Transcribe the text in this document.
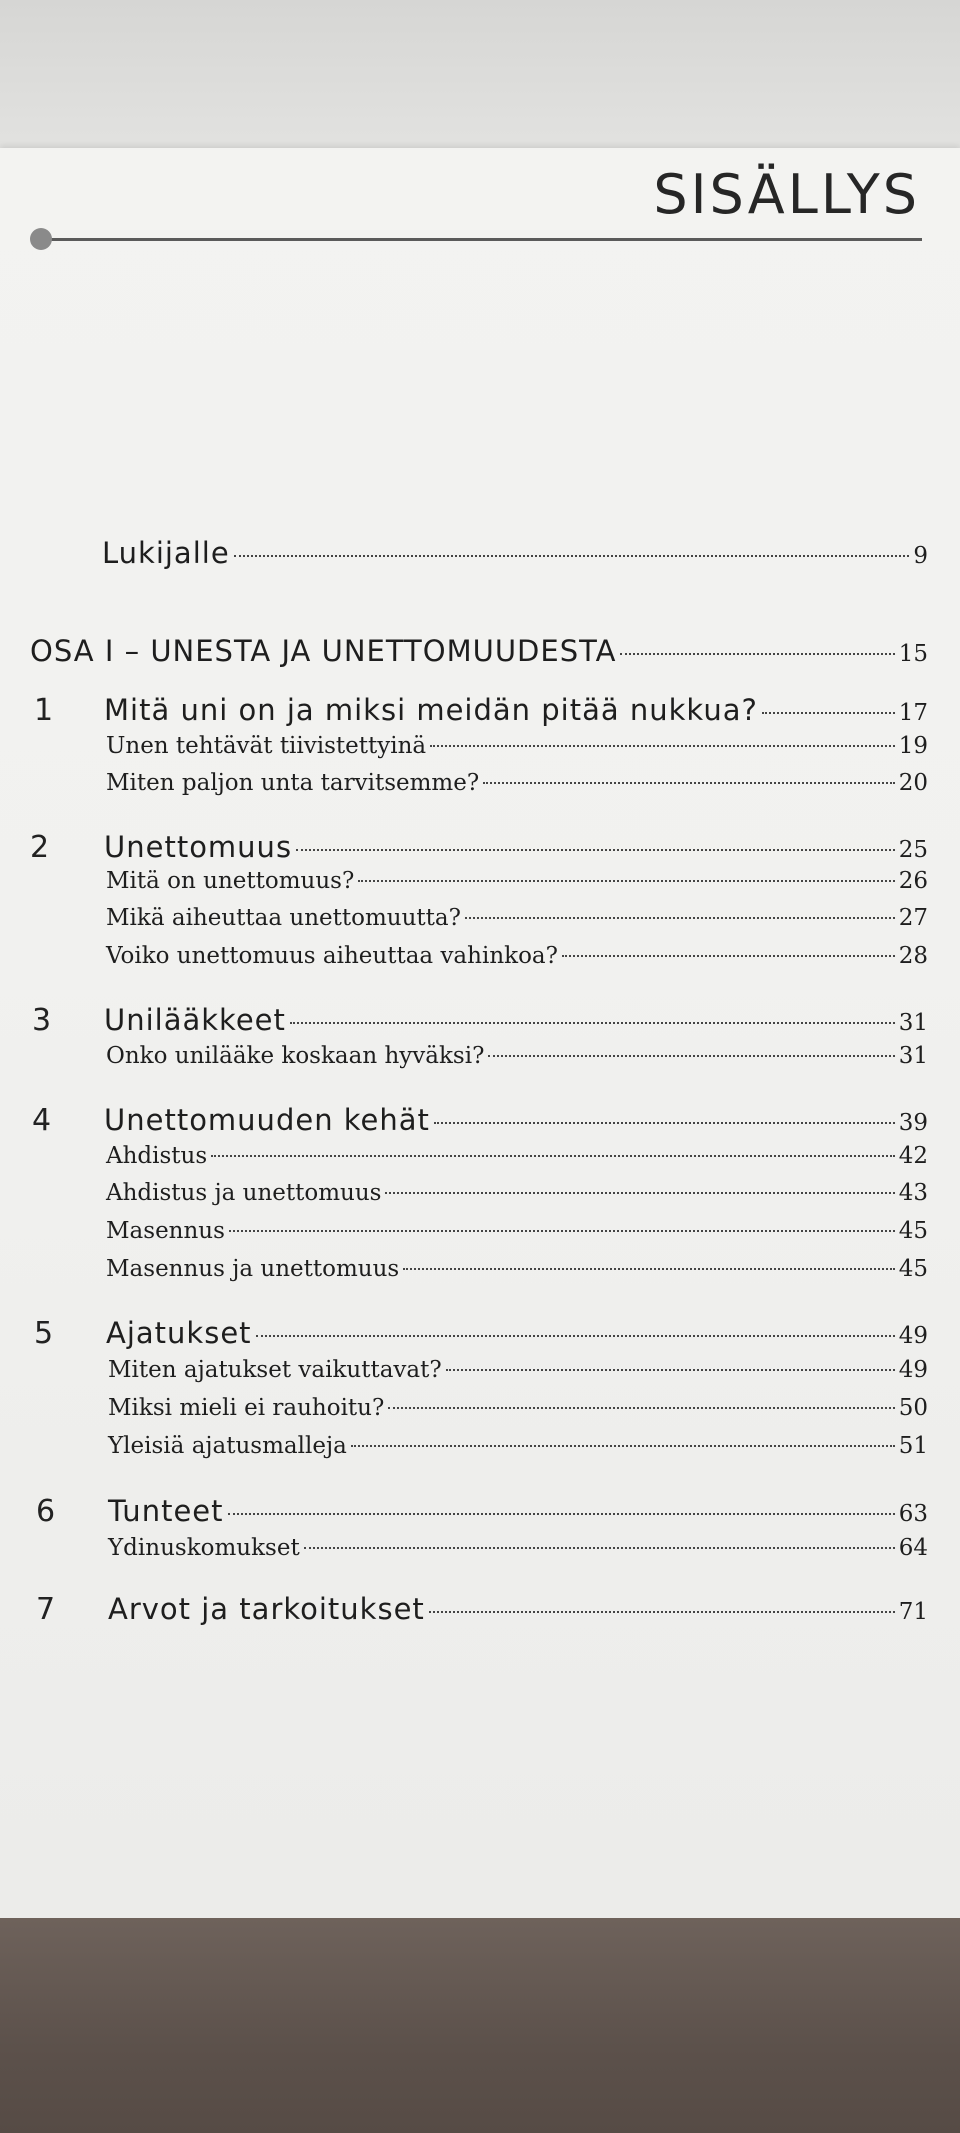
SISÄLLYS
Lukijalle	9
OSA I – UNESTA JA UNETTOMUUDESTA	15
1 Mitä uni on ja miksi meidän pitää nukkua?	17
Unen tehtävät tiivistettyinä	19
Miten paljon unta tarvitsemme?	20
2 Unettomuus	25
Mitä on unettomuus?	26
Mikä aiheuttaa unettomuutta?	27
Voiko unettomuus aiheuttaa vahinkoa?	28
3 Unilääkkeet	31
Onko unilääke koskaan hyväksi?	31
4 Unettomuuden kehät	39
Ahdistus	42
Ahdistus ja unettomuus	43
Masennus	45
Masennus ja unettomuus	45
5 Ajatukset	49
Miten ajatukset vaikuttavat?	49
Miksi mieli ei rauhoitu?	50
Yleisiä ajatusmalleja	51
6 Tunteet	63
Ydinuskomukset	64
7 Arvot ja tarkoitukset	71
